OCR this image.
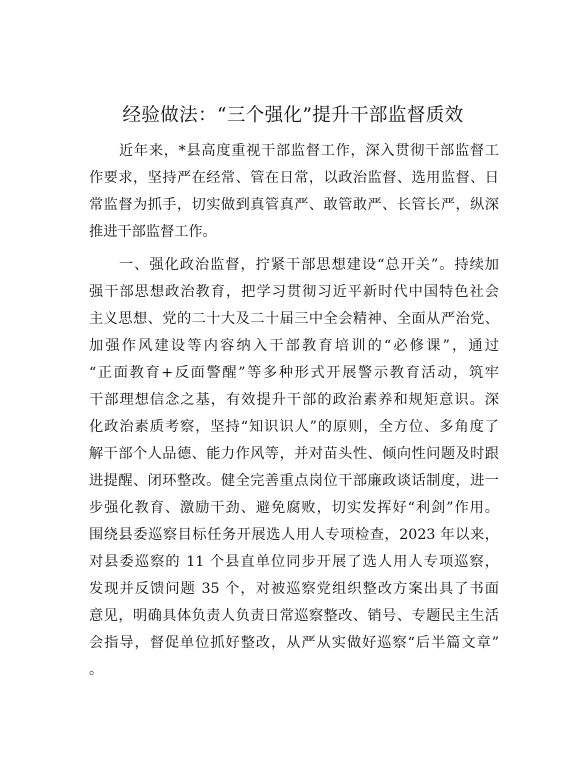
经验做法：“三个强化”提升干部监督质效
近年来，*县高度重视干部监督工作，深入贯彻干部监督工
作要求，坚持严在经常、管在日常，以政治监督、选用监督、日
常监督为抓手，切实做到真管真严、敢管敢严、长管长严，纵深
推进干部监督工作。
一、强化政治监督，拧紧干部思想建设“总开关”。持续加
强干部思想政治教育，把学习贯彻习近平新时代中国特色社会
主义思想、党的二十大及二十届三中全会精神、全面从严治党、
加强作风建设等内容纳入干部教育培训的“必修课”，通过
“正面教育+反面警醒”等多种形式开展警示教育活动，筑牢
干部理想信念之基，有效提升干部的政治素养和规矩意识。深
化政治素质考察，坚持“知识识人”的原则，全方位、多角度了
解干部个人品德、能力作风等，并对苗头性、倾向性问题及时跟
进提醒、闭环整改。健全完善重点岗位干部廉政谈话制度，进一
步强化教育、激励干劲、避免腐败，切实发挥好“利剑”作用。
围绕县委巡察目标任务开展选人用人专项检查，2023 年以来，
对县委巡察的 11 个县直单位同步开展了选人用人专项巡察，
发现并反馈问题 35 个，对被巡察党组织整改方案出具了书面
意见，明确具体负责人负责日常巡察整改、销号、专题民主生活
会指导，督促单位抓好整改，从严从实做好巡察“后半篇文章”
。
